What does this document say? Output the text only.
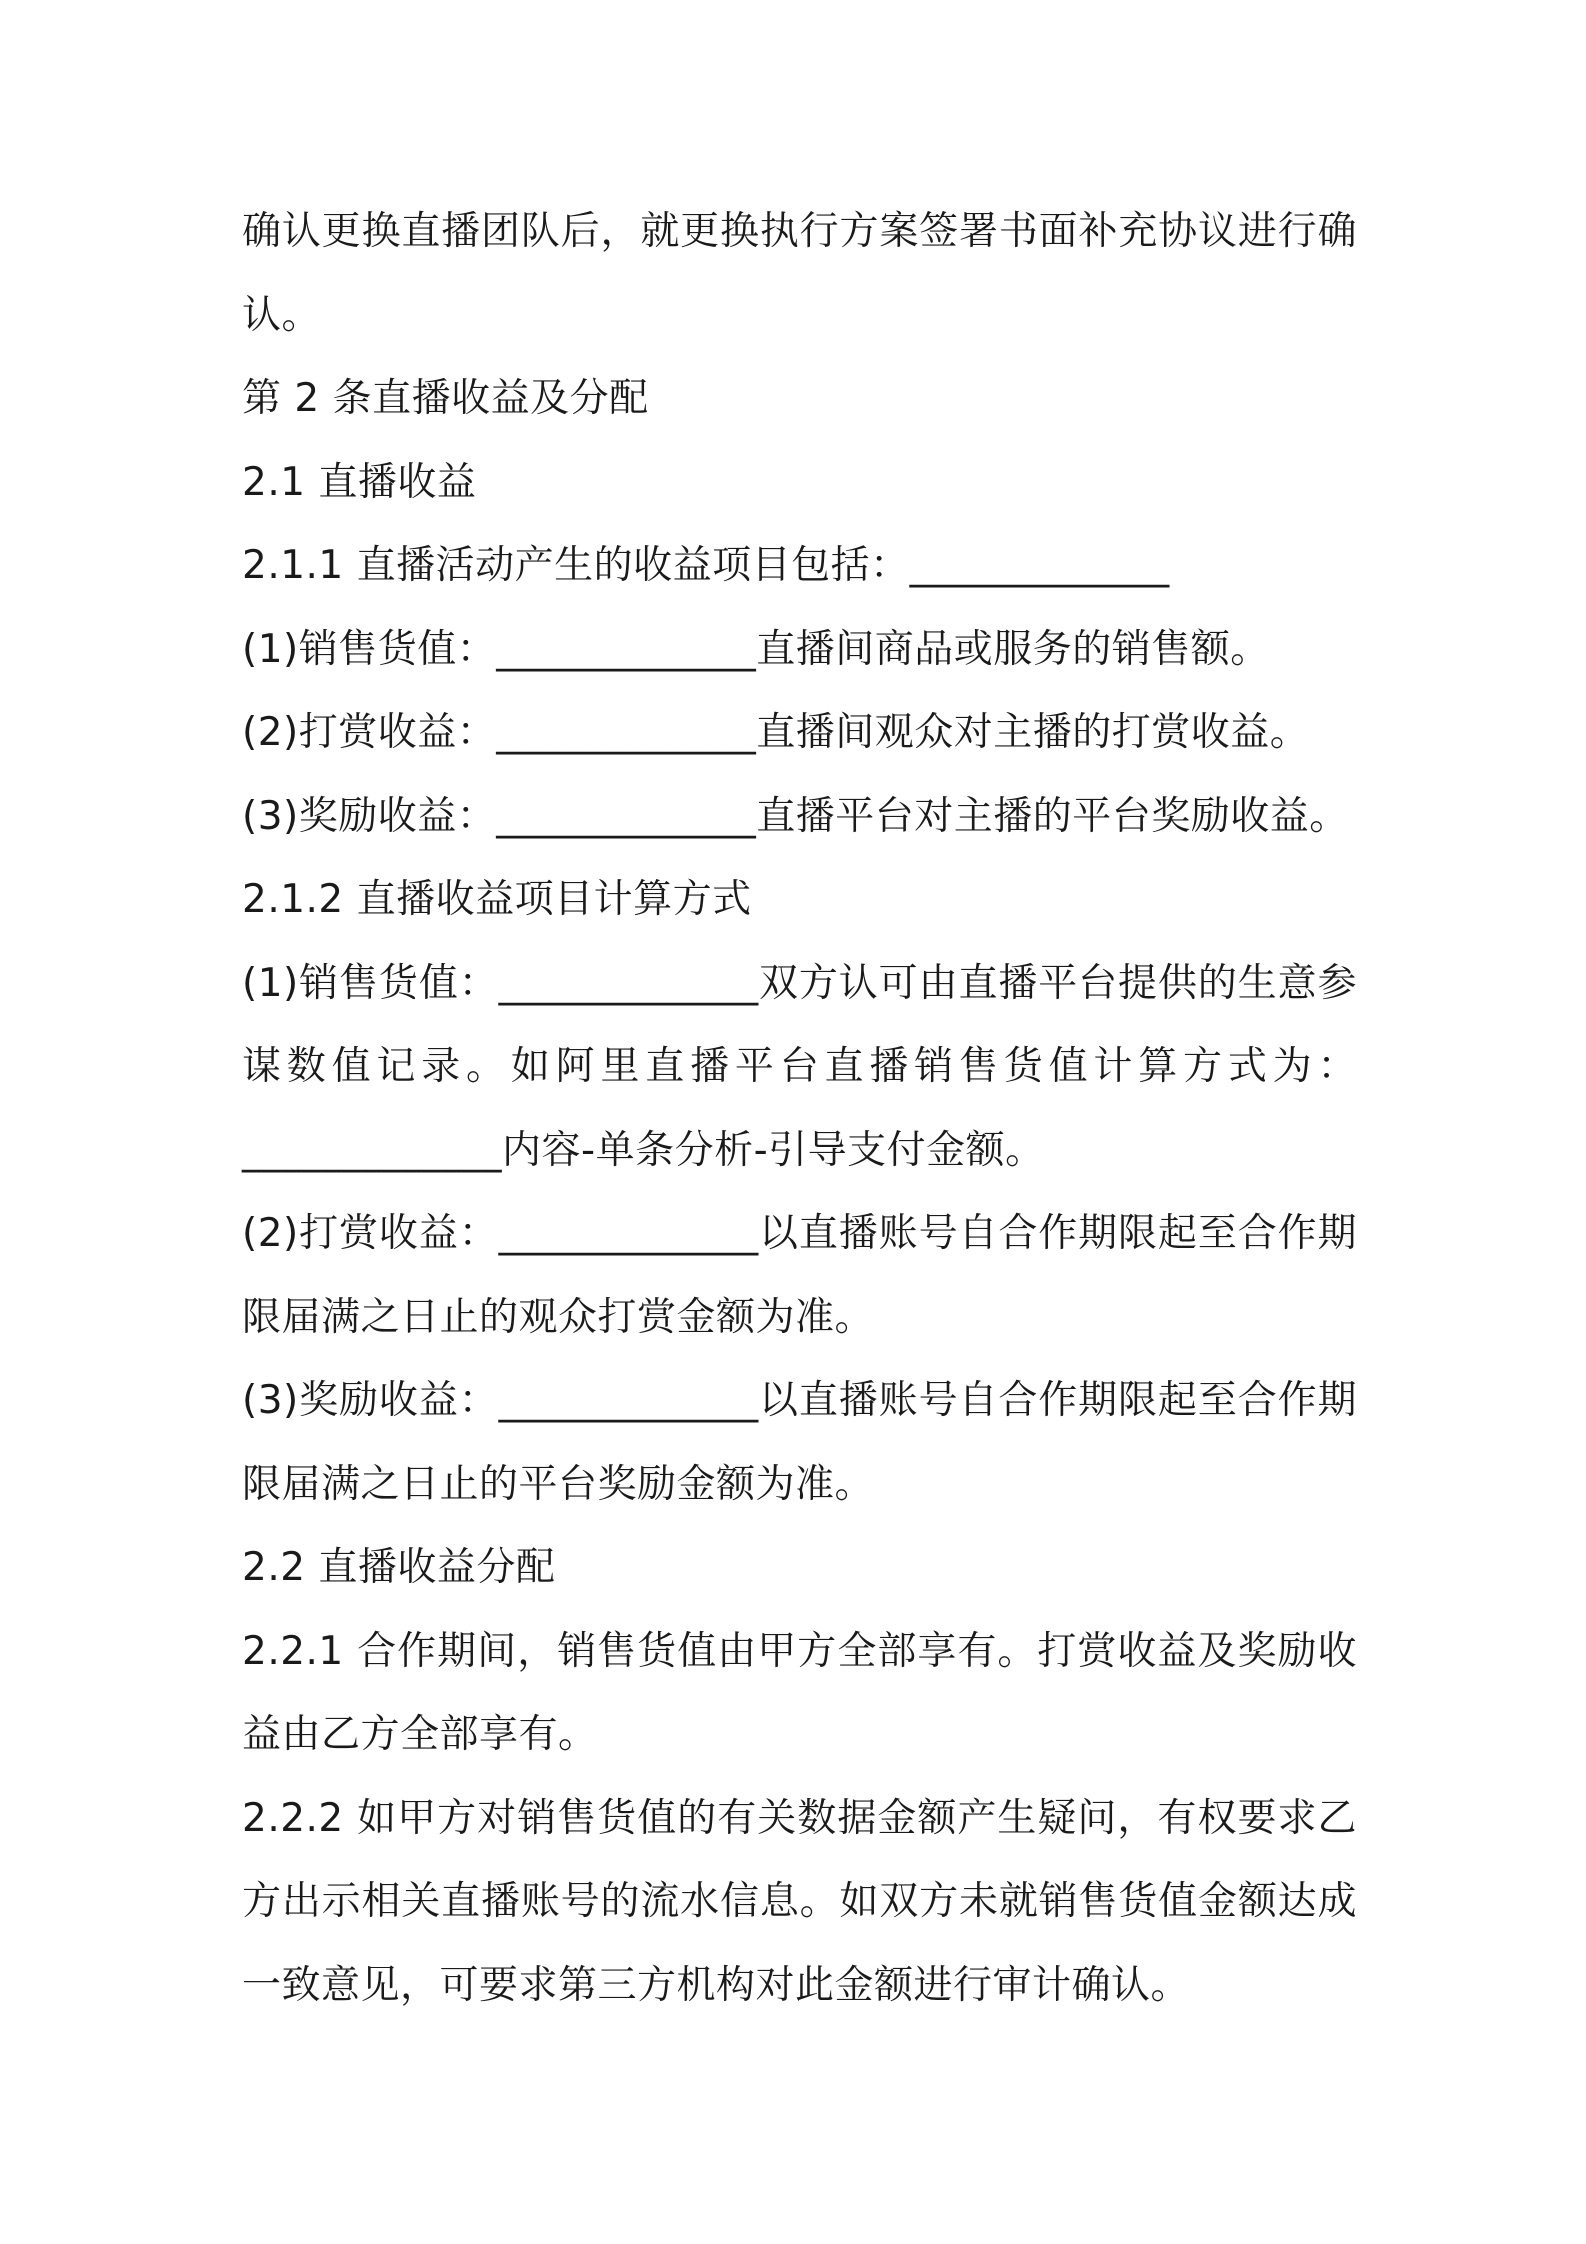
确认更换直播团队后，就更换执行方案签署书面补充协议进行确
认。
第 2 条直播收益及分配
2.1 直播收益
2.1.1 直播活动产生的收益项目包括：_____________
(1)销售货值：_____________直播间商品或服务的销售额。
(2)打赏收益：_____________直播间观众对主播的打赏收益。
(3)奖励收益：_____________直播平台对主播的平台奖励收益。
2.1.2 直播收益项目计算方式
(1)销售货值：_____________双方认可由直播平台提供的生意参
谋数值记录。如阿里直播平台直播销售货值计算方式为：
_____________内容-单条分析-引导支付金额。
(2)打赏收益：_____________以直播账号自合作期限起至合作期
限届满之日止的观众打赏金额为准。
(3)奖励收益：_____________以直播账号自合作期限起至合作期
限届满之日止的平台奖励金额为准。
2.2 直播收益分配
2.2.1 合作期间，销售货值由甲方全部享有。打赏收益及奖励收
益由乙方全部享有。
2.2.2 如甲方对销售货值的有关数据金额产生疑问，有权要求乙
方出示相关直播账号的流水信息。如双方未就销售货值金额达成
一致意见，可要求第三方机构对此金额进行审计确认。
